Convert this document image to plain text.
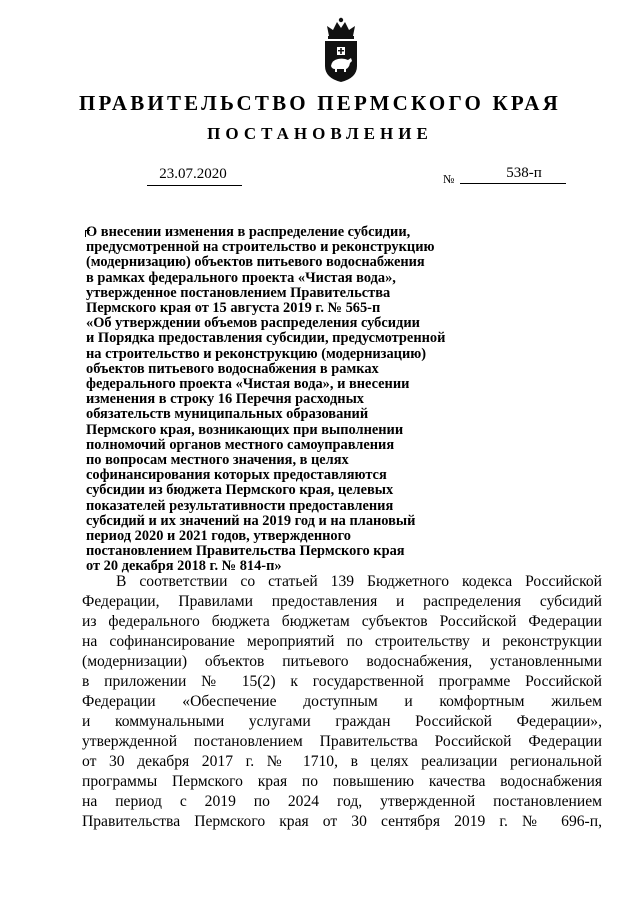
ПРАВИТЕЛЬСТВО ПЕРМСКОГО КРАЯ
ПОСТАНОВЛЕНИЕ
23.07.2020	№	538-п
О внесении изменения в распределение субсидии,
предусмотренной на строительство и реконструкцию
(модернизацию) объектов питьевого водоснабжения
в рамках федерального проекта «Чистая вода»,
утвержденное постановлением Правительства
Пермского края от 15 августа 2019 г. № 565-п
«Об утверждении объемов распределения субсидии
и Порядка предоставления субсидии, предусмотренной
на строительство и реконструкцию (модернизацию)
объектов питьевого водоснабжения в рамках
федерального проекта «Чистая вода», и внесении
изменения в строку 16 Перечня расходных
обязательств муниципальных образований
Пермского края, возникающих при выполнении
полномочий органов местного самоуправления
по вопросам местного значения, в целях
софинансирования которых предоставляются
субсидии из бюджета Пермского края, целевых
показателей результативности предоставления
субсидий и их значений на 2019 год и на плановый
период 2020 и 2021 годов, утвержденного
постановлением Правительства Пермского края
от 20 декабря 2018 г. № 814-п»
В соответствии со статьей 139 Бюджетного кодекса Российской
Федерации, Правилами предоставления и распределения субсидий
из федерального бюджета бюджетам субъектов Российской Федерации
на софинансирование мероприятий по строительству и реконструкции
(модернизации) объектов питьевого водоснабжения, установленными
в приложении № 15(2) к государственной программе Российской
Федерации «Обеспечение доступным и комфортным жильем
и коммунальными услугами граждан Российской Федерации»,
утвержденной постановлением Правительства Российской Федерации
от 30 декабря 2017 г. № 1710, в целях реализации региональной
программы Пермского края по повышению качества водоснабжения
на период с 2019 по 2024 год, утвержденной постановлением
Правительства Пермского края от 30 сентября 2019 г. № 696-п,
